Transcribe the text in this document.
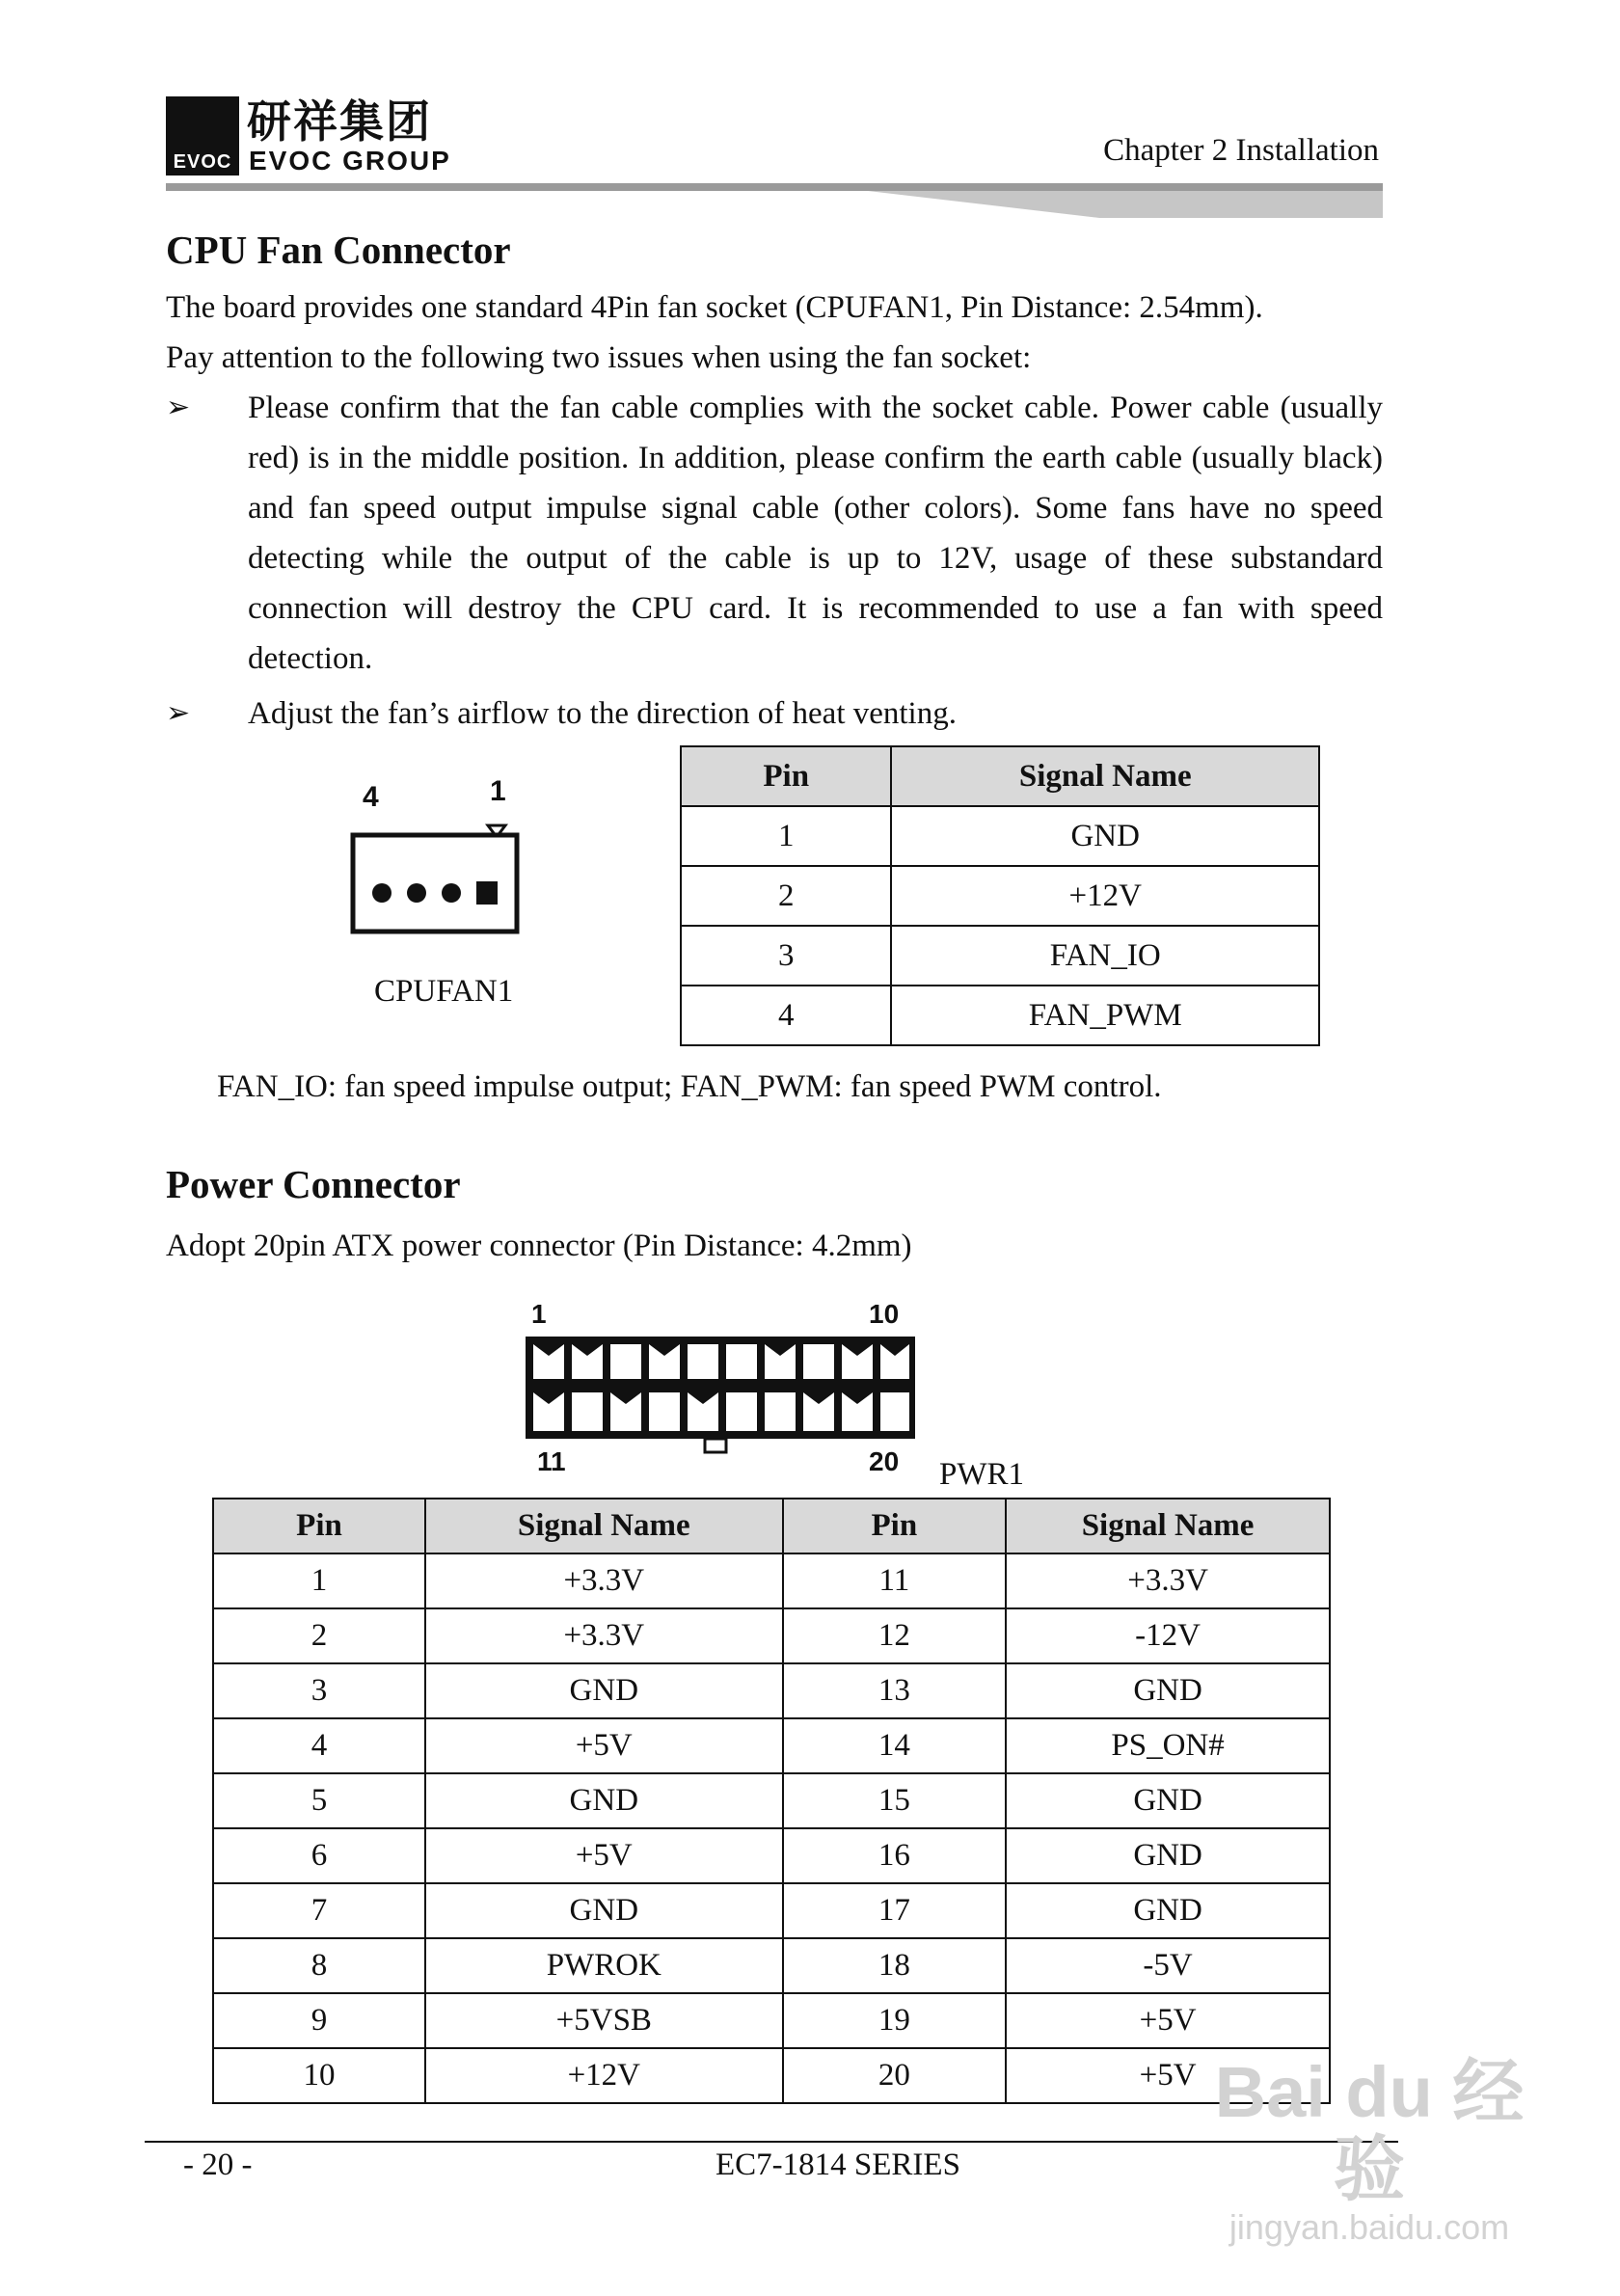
EVOC
研祥集团
EVOC GROUP	Chapter 2 Installation
CPU Fan Connector
The board provides one standard 4Pin fan socket (CPUFAN1, Pin Distance: 2.54mm).
Pay attention to the following two issues when using the fan socket:
➢ Please confirm that the fan cable complies with the socket cable. Power cable (usually red) is in the middle position. In addition, please confirm the earth cable (usually black) and fan speed output impulse signal cable (other colors). Some fans have no speed detecting while the output of the cable is up to 12V, usage of these substandard connection will destroy the CPU card. It is recommended to use a fan with speed detection.
➢ Adjust the fan’s airflow to the direction of heat venting.
4	1
CPUFAN1
Pin	Signal Name
1	GND
2	+12V
3	FAN_IO
4	FAN_PWM
FAN_IO: fan speed impulse output; FAN_PWM: fan speed PWM control.
Power Connector
Adopt 20pin ATX power connector (Pin Distance: 4.2mm)
1	10
11	20 PWR1
Pin	Signal Name	Pin	Signal Name
1	+3.3V	11	+3.3V
2	+3.3V	12	-12V
3	GND	13	GND
4	+5V	14	PS_ON#
5	GND	15	GND
6	+5V	16	GND
7	GND	17	GND
8	PWROK	18	-5V
9	+5VSB	19	+5V
10	+12V	20	+5V
- 20 -	EC7-1814 SERIES
Bai du 经验
jingyan.baidu.com
